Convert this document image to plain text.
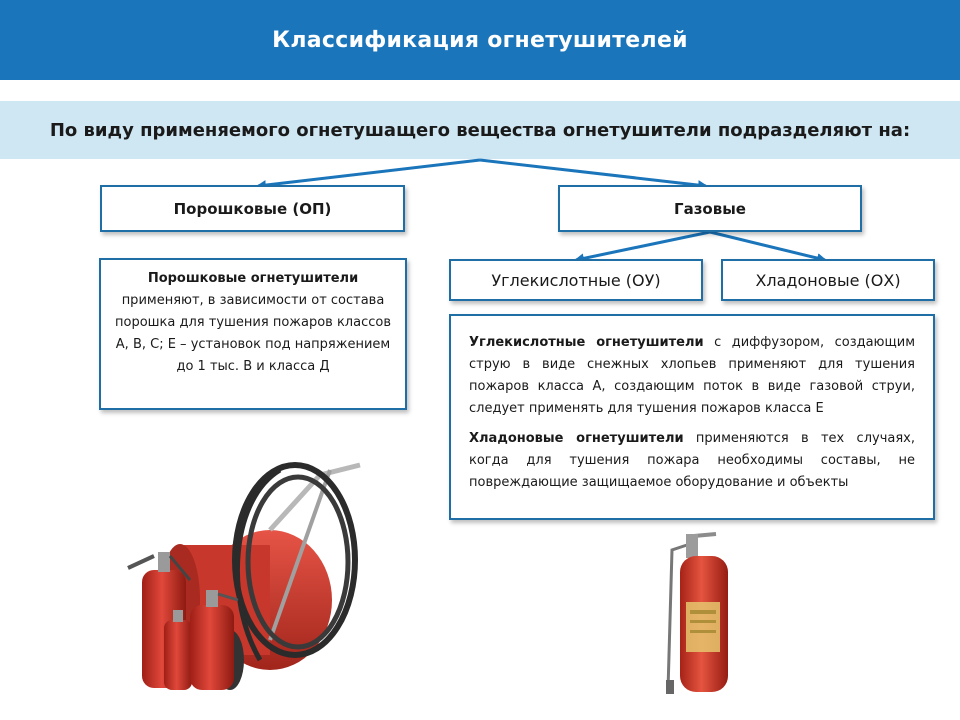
Классификация огнетушителей
По виду применяемого огнетушащего вещества огнетушители подразделяют на:
Порошковые (ОП)	Газовые
Углекислотные (ОУ)	Хладоновые (ОХ)
Порошковые огнетушители
применяют, в зависимости от состава порошка для тушения пожаров классов А, В, С; Е – установок под напряжением до 1 тыс. В и класса Д

Углекислотные огнетушители с диффузором, создающим струю в виде снежных хлопьев применяют для тушения пожаров класса А, создающим поток в виде газовой струи, следует применять для тушения пожаров класса Е

Хладоновые огнетушители применяются в тех случаях, когда для тушения пожара необходимы составы, не повреждающие защищаемое оборудование и объекты
